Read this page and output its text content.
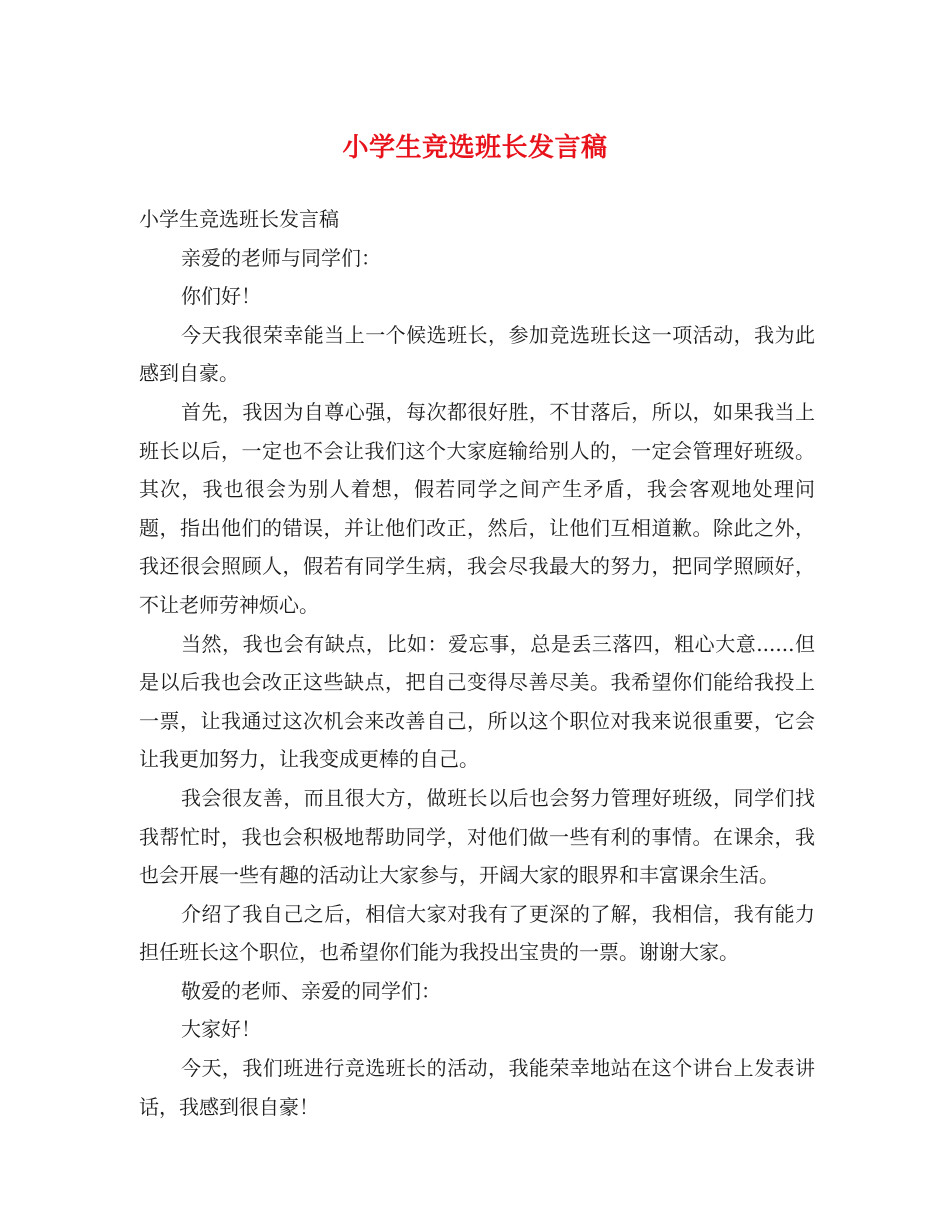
小学生竞选班长发言稿

小学生竞选班长发言稿

亲爱的老师与同学们：

你们好！

今天我很荣幸能当上一个候选班长，参加竞选班长这一项活动，我为此感到自豪。

首先，我因为自尊心强，每次都很好胜，不甘落后，所以，如果我当上班长以后，一定也不会让我们这个大家庭输给别人的，一定会管理好班级。其次，我也很会为别人着想，假若同学之间产生矛盾，我会客观地处理问题，指出他们的错误，并让他们改正，然后，让他们互相道歉。除此之外，我还很会照顾人，假若有同学生病，我会尽我最大的努力，把同学照顾好，不让老师劳神烦心。

当然，我也会有缺点，比如：爱忘事，总是丢三落四，粗心大意......但是以后我也会改正这些缺点，把自己变得尽善尽美。我希望你们能给我投上一票，让我通过这次机会来改善自己，所以这个职位对我来说很重要，它会让我更加努力，让我变成更棒的自己。

我会很友善，而且很大方，做班长以后也会努力管理好班级，同学们找我帮忙时，我也会积极地帮助同学，对他们做一些有利的事情。在课余，我也会开展一些有趣的活动让大家参与，开阔大家的眼界和丰富课余生活。

介绍了我自己之后，相信大家对我有了更深的了解，我相信，我有能力担任班长这个职位，也希望你们能为我投出宝贵的一票。谢谢大家。

敬爱的老师、亲爱的同学们：

大家好！

今天，我们班进行竞选班长的活动，我能荣幸地站在这个讲台上发表讲话，我感到很自豪！
